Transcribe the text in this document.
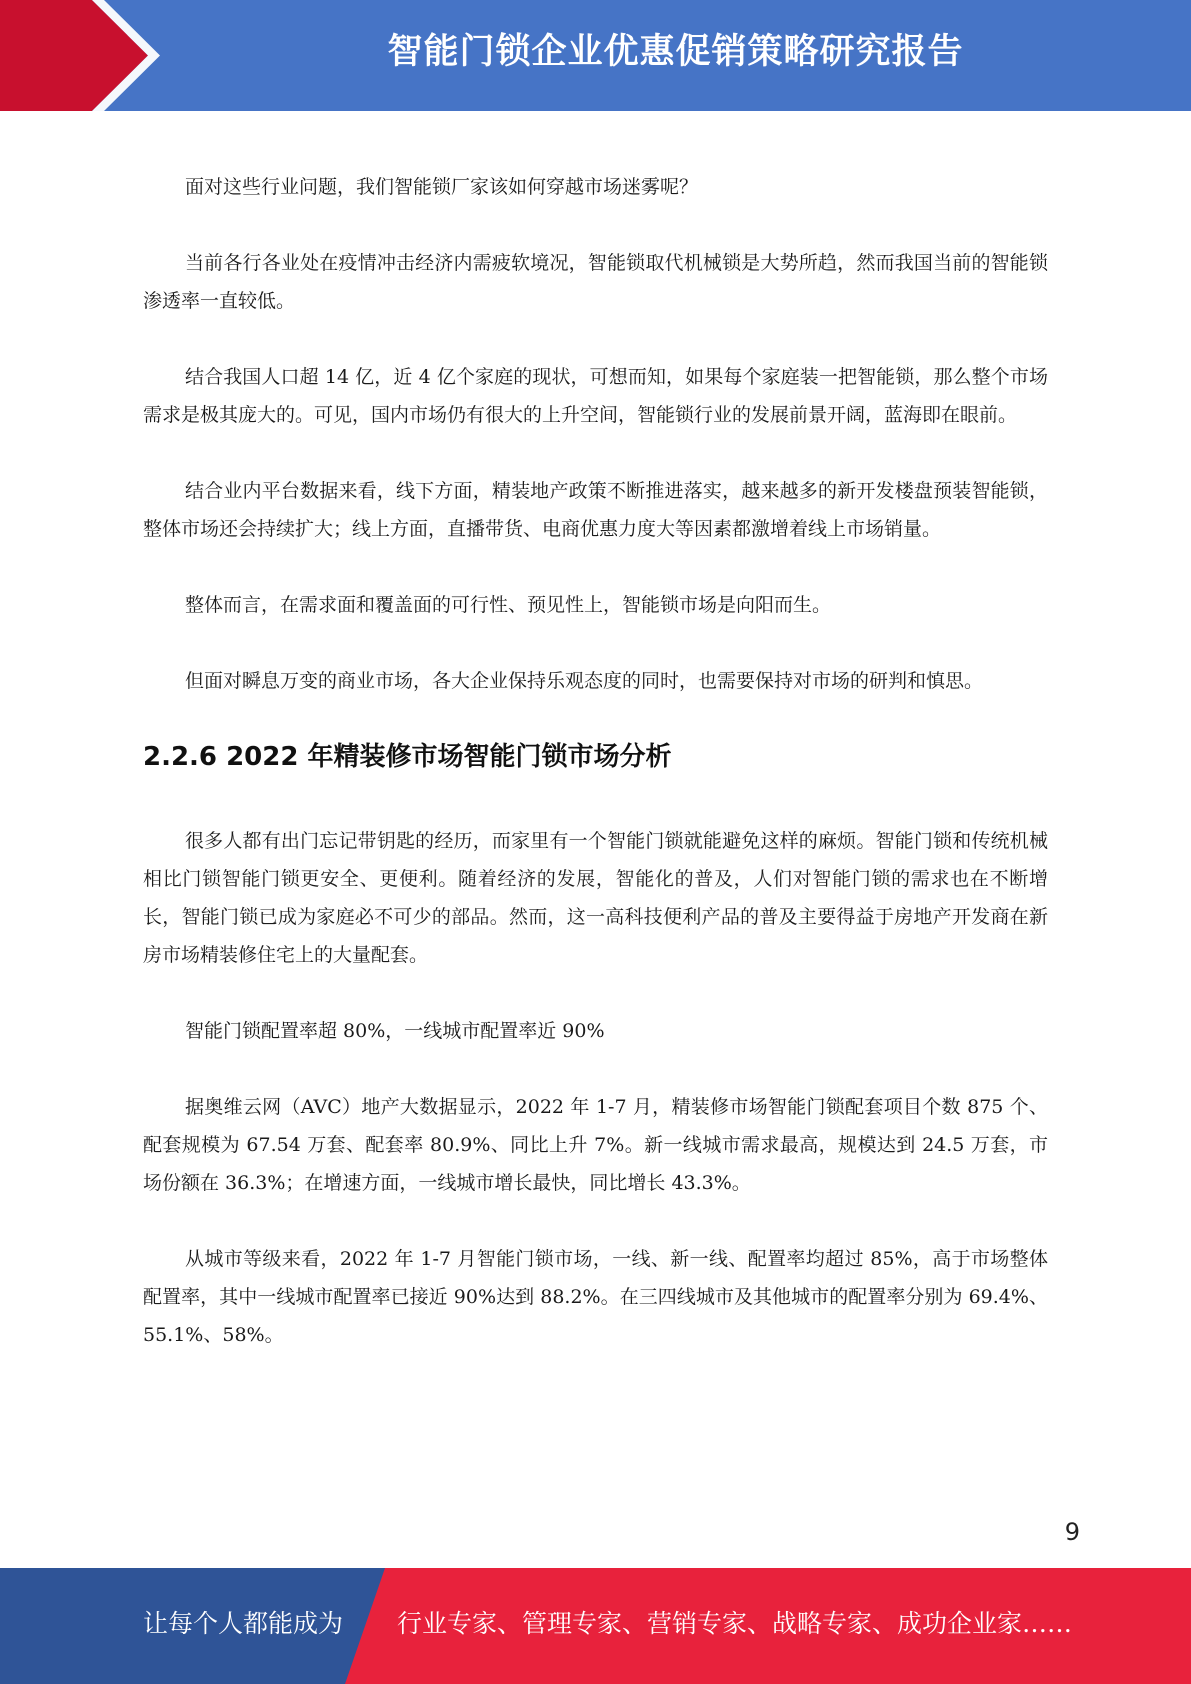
智能门锁企业优惠促销策略研究报告

面对这些行业问题，我们智能锁厂家该如何穿越市场迷雾呢？

当前各行各业处在疫情冲击经济内需疲软境况，智能锁取代机械锁是大势所趋，然而我国当前的智能锁渗透率一直较低。

结合我国人口超 14 亿，近 4 亿个家庭的现状，可想而知，如果每个家庭装一把智能锁，那么整个市场需求是极其庞大的。可见，国内市场仍有很大的上升空间，智能锁行业的发展前景开阔，蓝海即在眼前。

结合业内平台数据来看，线下方面，精装地产政策不断推进落实，越来越多的新开发楼盘预装智能锁，整体市场还会持续扩大；线上方面，直播带货、电商优惠力度大等因素都激增着线上市场销量。

整体而言，在需求面和覆盖面的可行性、预见性上，智能锁市场是向阳而生。

但面对瞬息万变的商业市场，各大企业保持乐观态度的同时，也需要保持对市场的研判和慎思。

2.2.6 2022 年精装修市场智能门锁市场分析

很多人都有出门忘记带钥匙的经历，而家里有一个智能门锁就能避免这样的麻烦。智能门锁和传统机械相比门锁智能门锁更安全、更便利。随着经济的发展，智能化的普及，人们对智能门锁的需求也在不断增长，智能门锁已成为家庭必不可少的部品。然而，这一高科技便利产品的普及主要得益于房地产开发商在新房市场精装修住宅上的大量配套。

智能门锁配置率超 80%，一线城市配置率近 90%

据奥维云网（AVC）地产大数据显示，2022 年 1-7 月，精装修市场智能门锁配套项目个数 875 个、配套规模为 67.54 万套、配套率 80.9%、同比上升 7%。新一线城市需求最高，规模达到 24.5 万套，市场份额在 36.3%；在增速方面，一线城市增长最快，同比增长 43.3%。

从城市等级来看，2022 年 1-7 月智能门锁市场，一线、新一线、配置率均超过 85%，高于市场整体配置率，其中一线城市配置率已接近 90%达到 88.2%。在三四线城市及其他城市的配置率分别为 69.4%、55.1%、58%。

9
让每个人都能成为 行业专家、管理专家、营销专家、战略专家、成功企业家……
